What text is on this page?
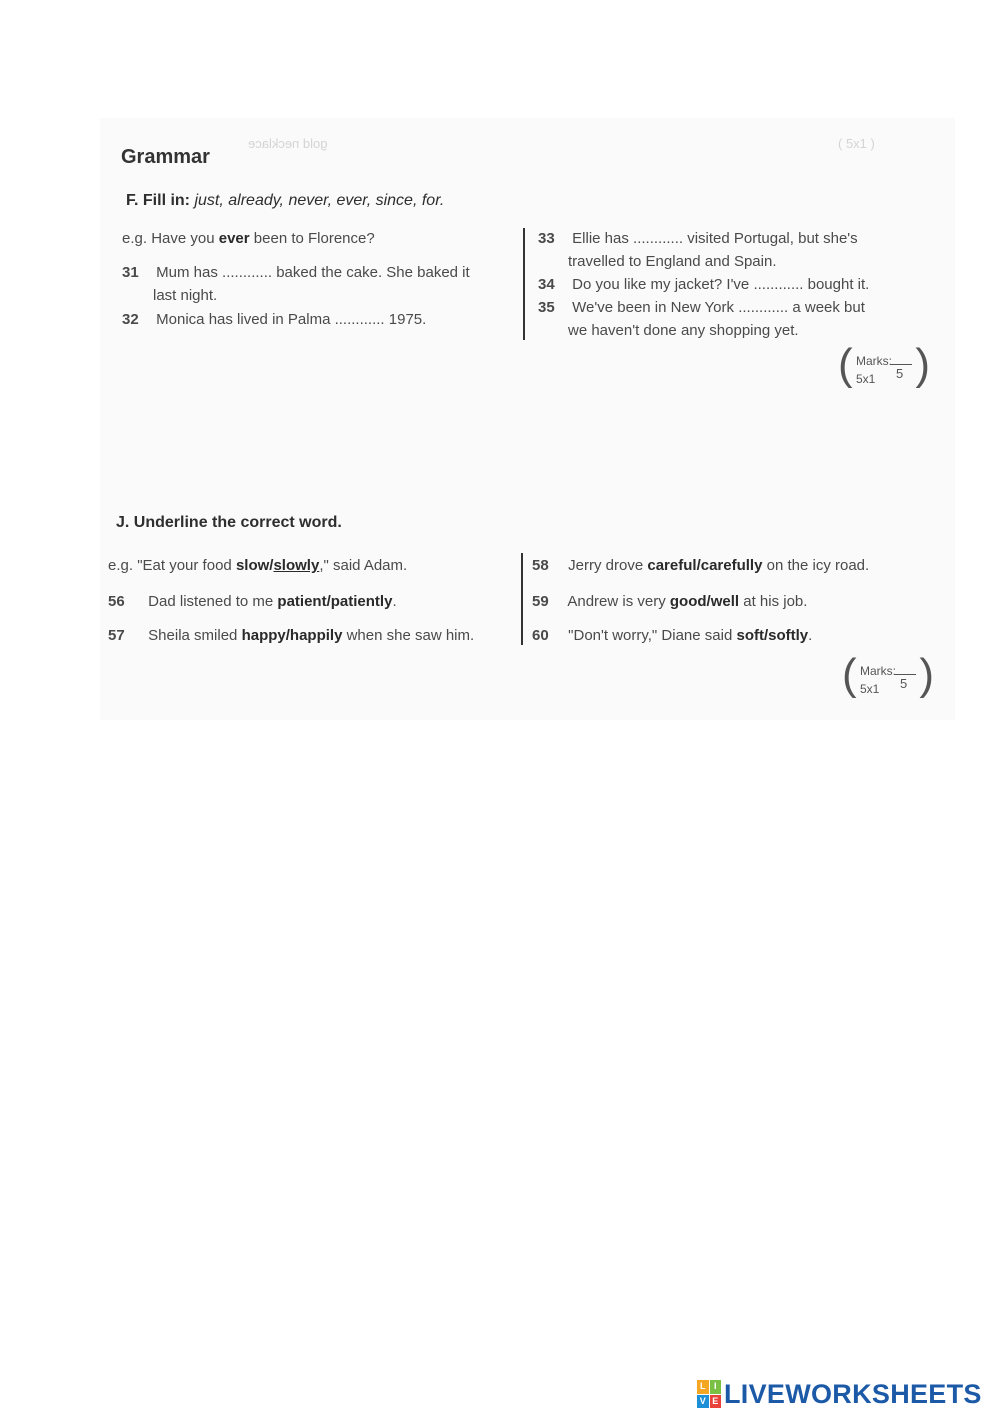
( 5x1 )
gold necklace
Grammar
F. Fill in: just, already, never, ever, since, for.
e.g. Have you ever been to Florence?
31 Mum has ............ baked the cake. She baked it
last night.
32 Monica has lived in Palma ............ 1975.
33 Ellie has ............ visited Portugal, but she's
travelled to England and Spain.
34 Do you like my jacket? I've ............ bought it.
35 We've been in New York ............ a week but
we haven't done any shopping yet.
( Marks:
5
5x1 )
J. Underline the correct word.
e.g. "Eat your food slow/slowly," said Adam.
56 Dad listened to me patient/patiently.
57 Sheila smiled happy/happily when she saw him.
58 Jerry drove careful/carefully on the icy road.
59 Andrew is very good/well at his job.
60 "Don't worry," Diane said soft/softly.
( Marks:
5
5x1 )
L I
V E LIVEWORKSHEETS
